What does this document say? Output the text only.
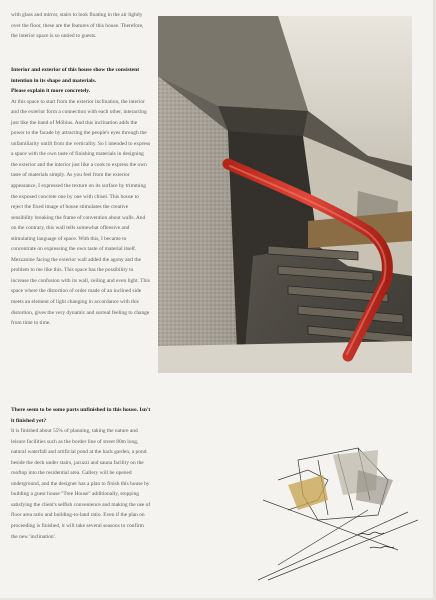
with glass and mirror, stairs to look floating in the air lightly over the floor, these are the features of this house. Therefore, the interior space is so untied to guests.

Interior and exterior of this house show the consistent intention in its shape and materials.

Please explain it more concretely.

At this space to start from the exterior inclination, the interior and the exterior form a connection with each other, interacting just like the band of Möbius. And this inclination adds the power to the facade by attracting the people's eyes through the unfamiliarity untilt from the verticality. So I intended to express a space with the own taste of finishing materials in designing the exterior and the interior just like a cook to express the own taste of materials simply. As you feel from the exterior appearance, I expressed the texture on its surface by trimming the exposed concrete one by one with chisel. This house to reject the fixed image of house stimulates the creative sensibility breaking the frame of convention about walls. And on the contrary, this wall tells somewhat offensive and stimulating language of space. With this, I became to concentrate on expressing the own taste of material itself. Mezzanine facing the exterior wall added the agony and the problem to me like this. This space has the possibility to increase the confusion with its wall, ceiling and even light. This space where the distortion of order made of an inclined side meets an element of light changing in accordance with this distortion, gives the very dynamic and surreal feeling to change from time to time.

There seem to be some parts unfinished in this house. Isn't it finished yet?

It is finished about 55% of planning, taking the nature and leisure facilities such as the border line of street 80m long, natural waterfall and artificial pond at the back garden, a pond beside the deck under stairs, jacuzzi and sauna facility on the rooftop into the residential area. Gallery will be opened underground, and the designer has a plan to finish this house by building a guest house "Tree House" additionally, stopping satisfying the client's selfish convenience and making the use of floor area ratio and building-to-land ratio. Even if the plan on proceeding is finished, it will take several seasons to confirm the new 'inclination'.
